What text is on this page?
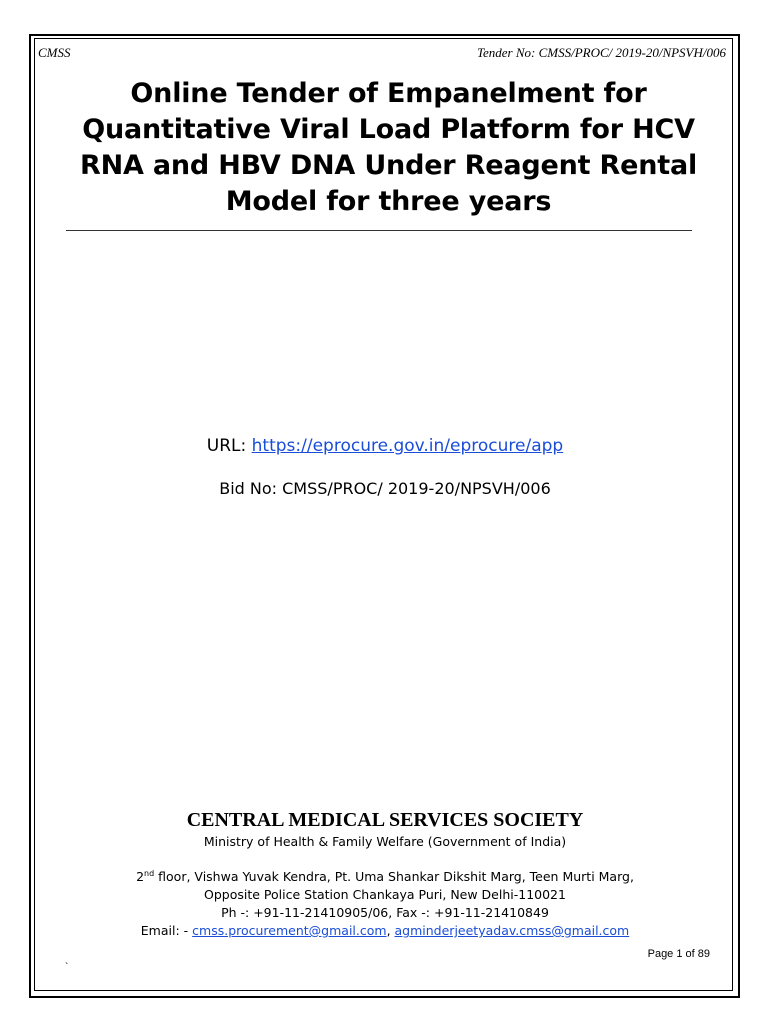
CMSS	Tender No: CMSS/PROC/ 2019-20/NPSVH/006
Online Tender of Empanelment for
Quantitative Viral Load Platform for HCV
RNA and HBV DNA Under Reagent Rental
Model for three years
URL: https://eprocure.gov.in/eprocure/app
Bid No: CMSS/PROC/ 2019-20/NPSVH/006
CENTRAL MEDICAL SERVICES SOCIETY
Ministry of Health & Family Welfare (Government of India)
2nd floor, Vishwa Yuvak Kendra, Pt. Uma Shankar Dikshit Marg, Teen Murti Marg,
Opposite Police Station Chankaya Puri, New Delhi-110021
Ph -: +91-11-21410905/06, Fax -: +91-11-21410849
Email: - cmss.procurement@gmail.com, agminderjeetyadav.cmss@gmail.com
Page 1 of 89
`
